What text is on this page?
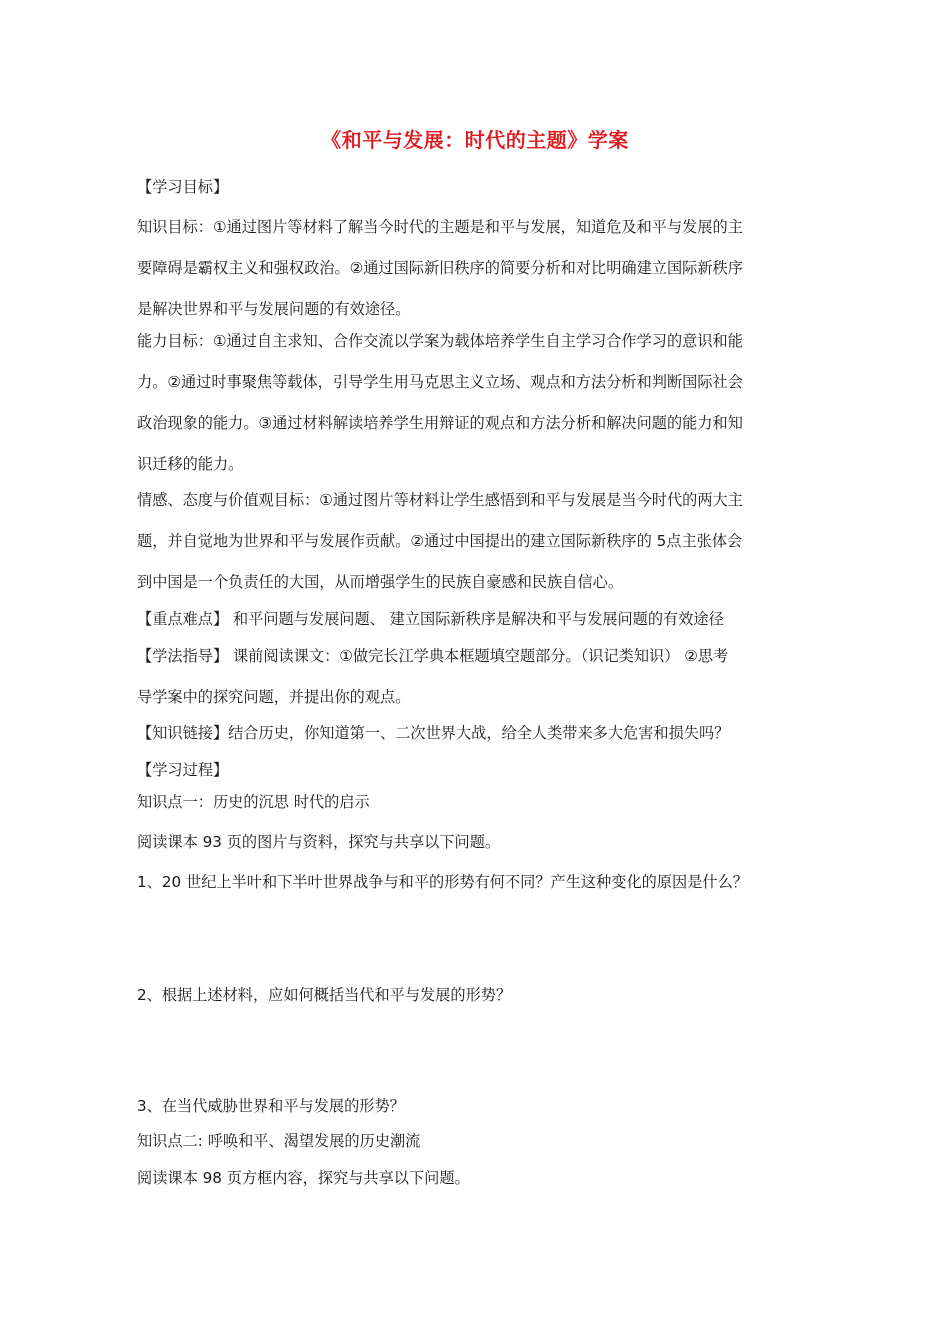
《和平与发展：时代的主题》学案
【学习目标】
知识目标：①通过图片等材料了解当今时代的主题是和平与发展，知道危及和平与发展的主
要障碍是霸权主义和强权政治。②通过国际新旧秩序的简要分析和对比明确建立国际新秩序
是解决世界和平与发展问题的有效途径。
能力目标：①通过自主求知、合作交流以学案为载体培养学生自主学习合作学习的意识和能
力。②通过时事聚焦等载体，引导学生用马克思主义立场、观点和方法分析和判断国际社会
政治现象的能力。③通过材料解读培养学生用辩证的观点和方法分析和解决问题的能力和知
识迁移的能力。
情感、态度与价值观目标：①通过图片等材料让学生感悟到和平与发展是当今时代的两大主
题，并自觉地为世界和平与发展作贡献。②通过中国提出的建立国际新秩序的 5点主张体会
到中国是一个负责任的大国，从而增强学生的民族自豪感和民族自信心。
【重点难点】 和平问题与发展问题、 建立国际新秩序是解决和平与发展问题的有效途径
【学法指导】 课前阅读课文：①做完长江学典本框题填空题部分。（识记类知识） ②思考
导学案中的探究问题，并提出你的观点。
【知识链接】结合历史，你知道第一、二次世界大战，给全人类带来多大危害和损失吗？
【学习过程】
知识点一：历史的沉思 时代的启示
阅读课本 93 页的图片与资料，探究与共享以下问题。
1、20 世纪上半叶和下半叶世界战争与和平的形势有何不同？产生这种变化的原因是什么？
2、根据上述材料，应如何概括当代和平与发展的形势？
3、在当代威胁世界和平与发展的形势？
知识点二: 呼唤和平、渴望发展的历史潮流
阅读课本 98 页方框内容，探究与共享以下问题。
